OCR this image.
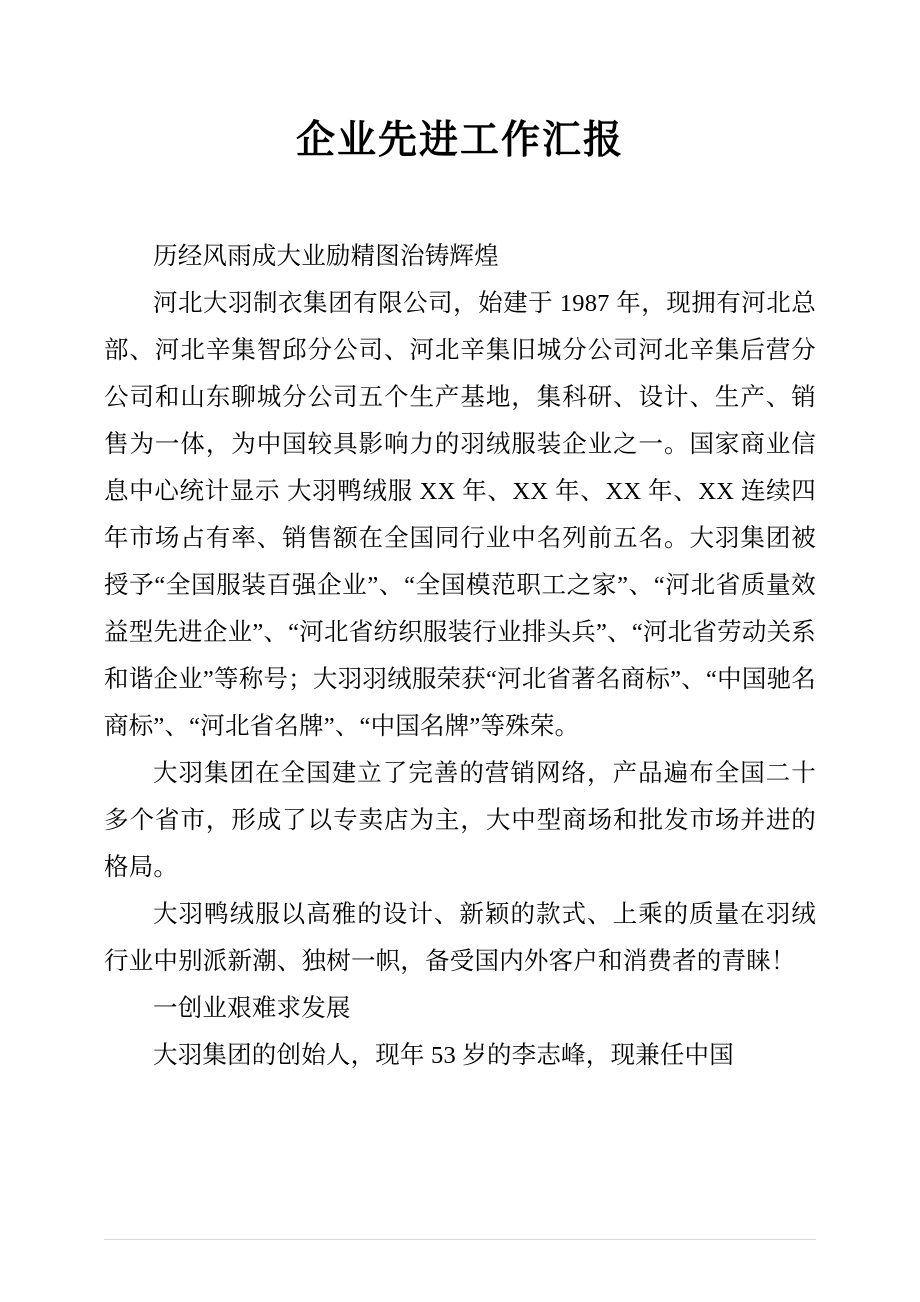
企业先进工作汇报

历经风雨成大业励精图治铸辉煌

河北大羽制衣集团有限公司，始建于 1987 年，现拥有河北总部、河北辛集智邱分公司、河北辛集旧城分公司河北辛集后营分公司和山东聊城分公司五个生产基地，集科研、设计、生产、销售为一体，为中国较具影响力的羽绒服装企业之一。国家商业信息中心统计显示 大羽鸭绒服 XX 年、XX 年、XX 年、XX 连续四年市场占有率、销售额在全国同行业中名列前五名。大羽集团被授予“全国服装百强企业”、“全国模范职工之家”、“河北省质量效益型先进企业”、“河北省纺织服装行业排头兵”、“河北省劳动关系和谐企业”等称号；大羽羽绒服荣获“河北省著名商标”、“中国驰名商标”、“河北省名牌”、“中国名牌”等殊荣。

大羽集团在全国建立了完善的营销网络，产品遍布全国二十多个省市，形成了以专卖店为主，大中型商场和批发市场并进的格局。

大羽鸭绒服以高雅的设计、新颖的款式、上乘的质量在羽绒行业中别派新潮、独树一帜，备受国内外客户和消费者的青睐！

一创业艰难求发展

大羽集团的创始人，现年 53 岁的李志峰，现兼任中国
